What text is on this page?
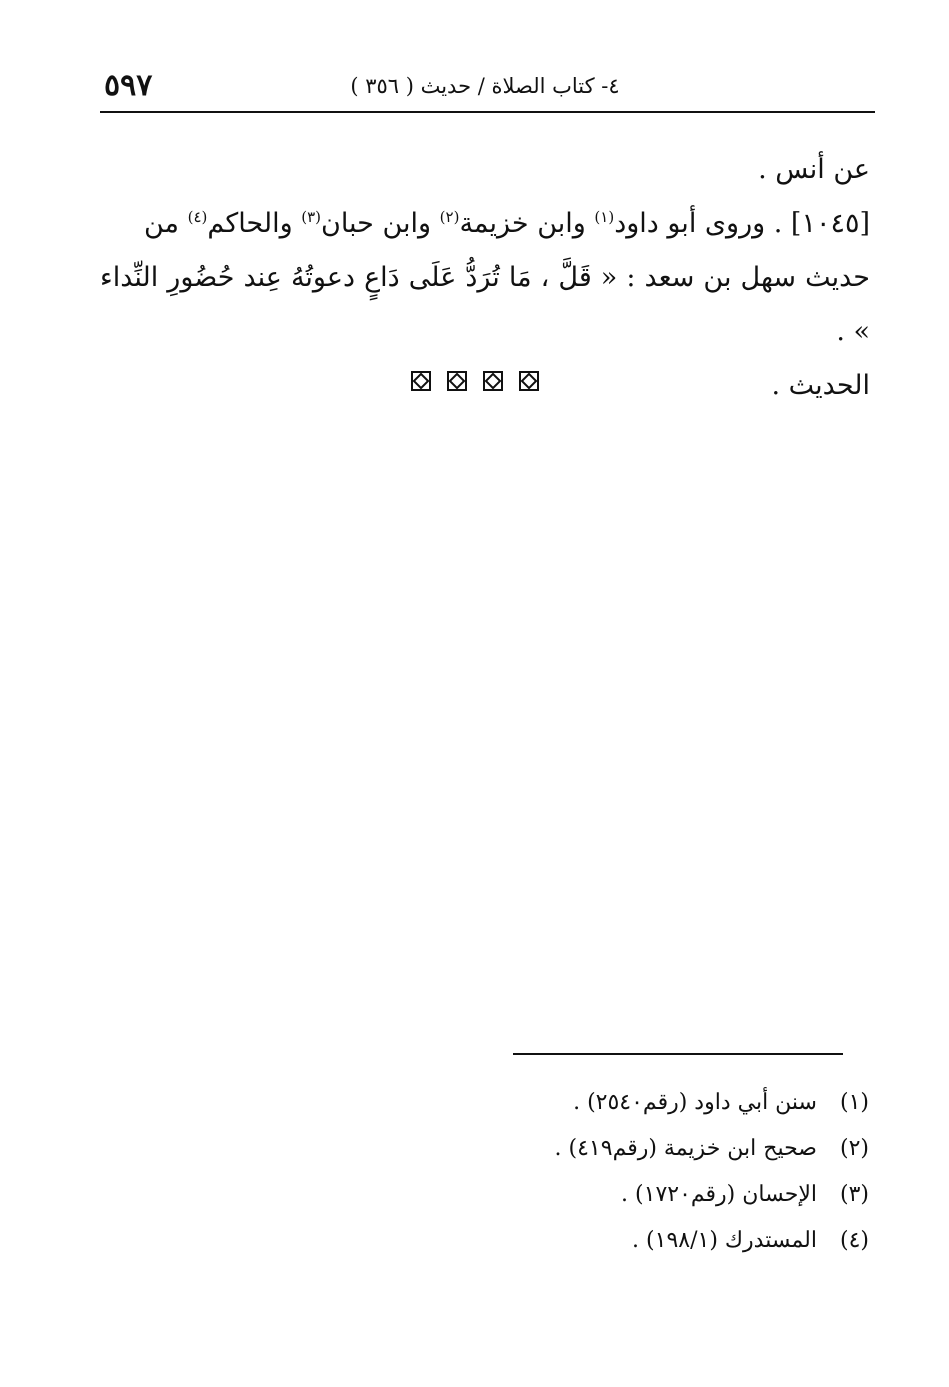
٥٩٧	٤- كتاب الصلاة / حديث ( ٣٥٦ )
عن أنس .
[١٠٤٥] . وروى أبو داود$^{(١)}$ وابن خزيمة$^{(٢)}$ وابن حبان$^{(٣)}$ والحاكم$^{(٤)}$ من
حديث سهل بن سعد : « قَلَّ ، مَا تُرَدُّ عَلَى دَاعٍ دعوتُهُ عِند حُضُورِ النِّداء » .
الحديث .
(١)
سنن أبي داود (رقم٢٥٤٠) .
(٢)
صحيح ابن خزيمة (رقم٤١٩) .
(٣)
الإحسان (رقم١٧٢٠) .
(٤)
المستدرك (١٩٨/١) .
